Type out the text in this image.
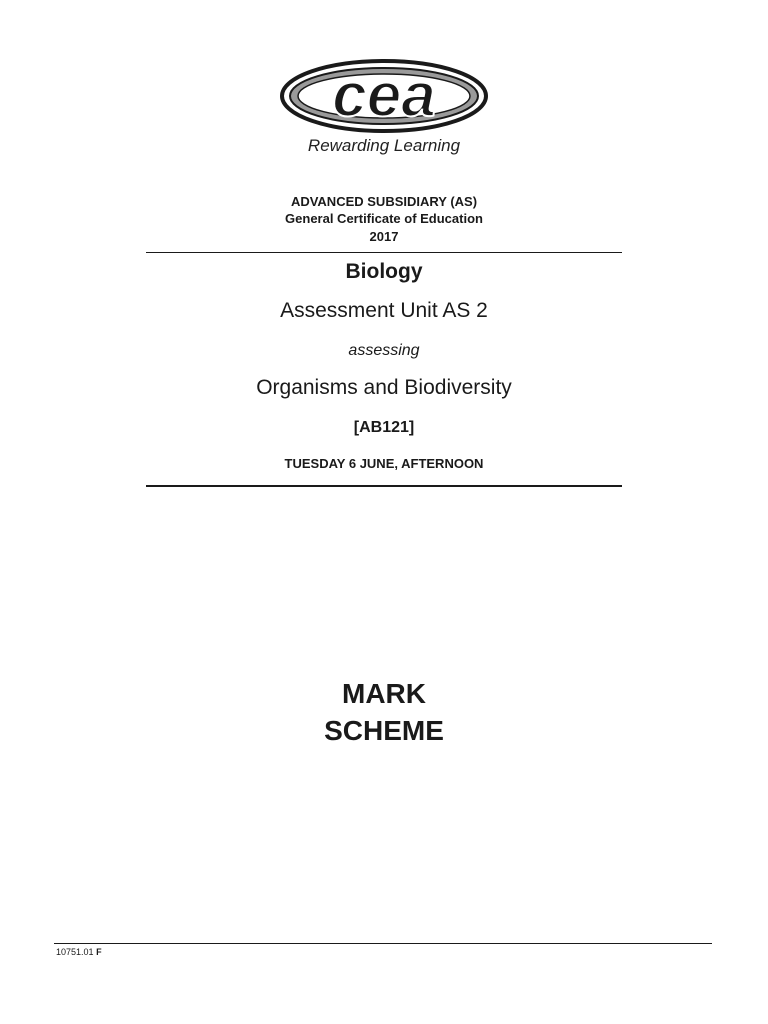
cea
Rewarding Learning
ADVANCED SUBSIDIARY (AS)
General Certificate of Education
2017
Biology
Assessment Unit AS 2
assessing
Organisms and Biodiversity
[AB121]
TUESDAY 6 JUNE, AFTERNOON
MARK
SCHEME
10751.01 F
